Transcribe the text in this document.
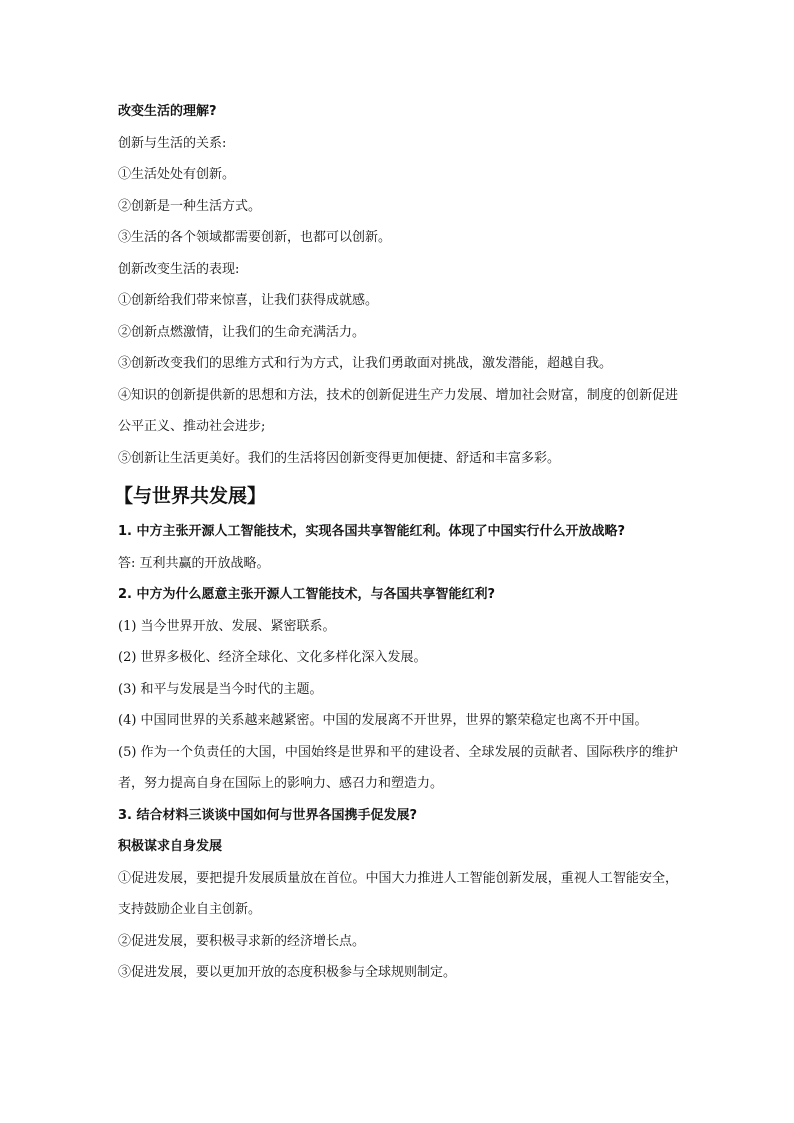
改变生活的理解?

创新与生活的关系:

①生活处处有创新。

②创新是一种生活方式。

③生活的各个领域都需要创新，也都可以创新。

创新改变生活的表现:

①创新给我们带来惊喜，让我们获得成就感。

②创新点燃激情，让我们的生命充满活力。

③创新改变我们的思维方式和行为方式，让我们勇敢面对挑战，激发潜能，超越自我。

④知识的创新提供新的思想和方法，技术的创新促进生产力发展、增加社会财富，制度的创新促进公平正义、推动社会进步;

⑤创新让生活更美好。我们的生活将因创新变得更加便捷、舒适和丰富多彩。

【与世界共发展】

1. 中方主张开源人工智能技术，实现各国共享智能红利。体现了中国实行什么开放战略?

答: 互利共赢的开放战略。

2. 中方为什么愿意主张开源人工智能技术，与各国共享智能红利?

(1) 当今世界开放、发展、紧密联系。

(2) 世界多极化、经济全球化、文化多样化深入发展。

(3) 和平与发展是当今时代的主题。

(4) 中国同世界的关系越来越紧密。中国的发展离不开世界，世界的繁荣稳定也离不开中国。

(5) 作为一个负责任的大国，中国始终是世界和平的建设者、全球发展的贡献者、国际秩序的维护者，努力提高自身在国际上的影响力、感召力和塑造力。

3. 结合材料三谈谈中国如何与世界各国携手促发展?

积极谋求自身发展

①促进发展，要把提升发展质量放在首位。中国大力推进人工智能创新发展，重视人工智能安全，支持鼓励企业自主创新。

②促进发展，要积极寻求新的经济增长点。

③促进发展，要以更加开放的态度积极参与全球规则制定。
